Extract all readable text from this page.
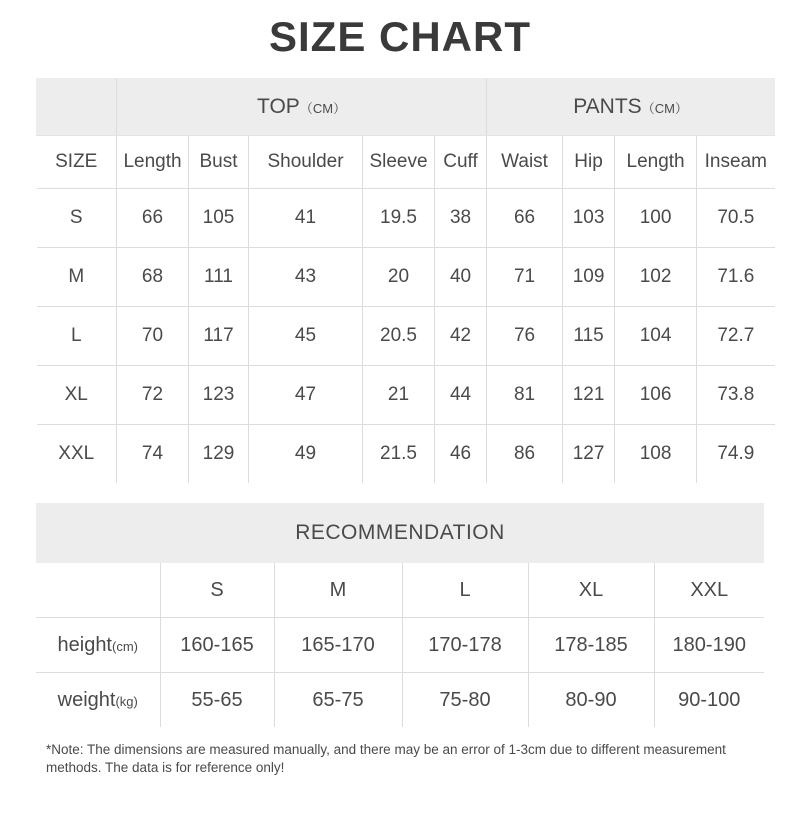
SIZE CHART
	TOP（CM）					PANTS（CM）			
SIZE	Length	Bust	Shoulder	Sleeve	Cuff	Waist	Hip	Length	Inseam
S	66	105	41	19.5	38	66	103	100	70.5
M	68	111	43	20	40	71	109	102	71.6
L	70	117	45	20.5	42	76	115	104	72.7
XL	72	123	47	21	44	81	121	106	73.8
XXL	74	129	49	21.5	46	86	127	108	74.9
RECOMMENDATION					
	S	M	L	XL	XXL
height(cm)	160-165	165-170	170-178	178-185	180-190
weight(kg)	55-65	65-75	75-80	80-90	90-100
*Note: The dimensions are measured manually, and there may be an error of 1-3cm due to different measurement methods. The data is for reference only!
